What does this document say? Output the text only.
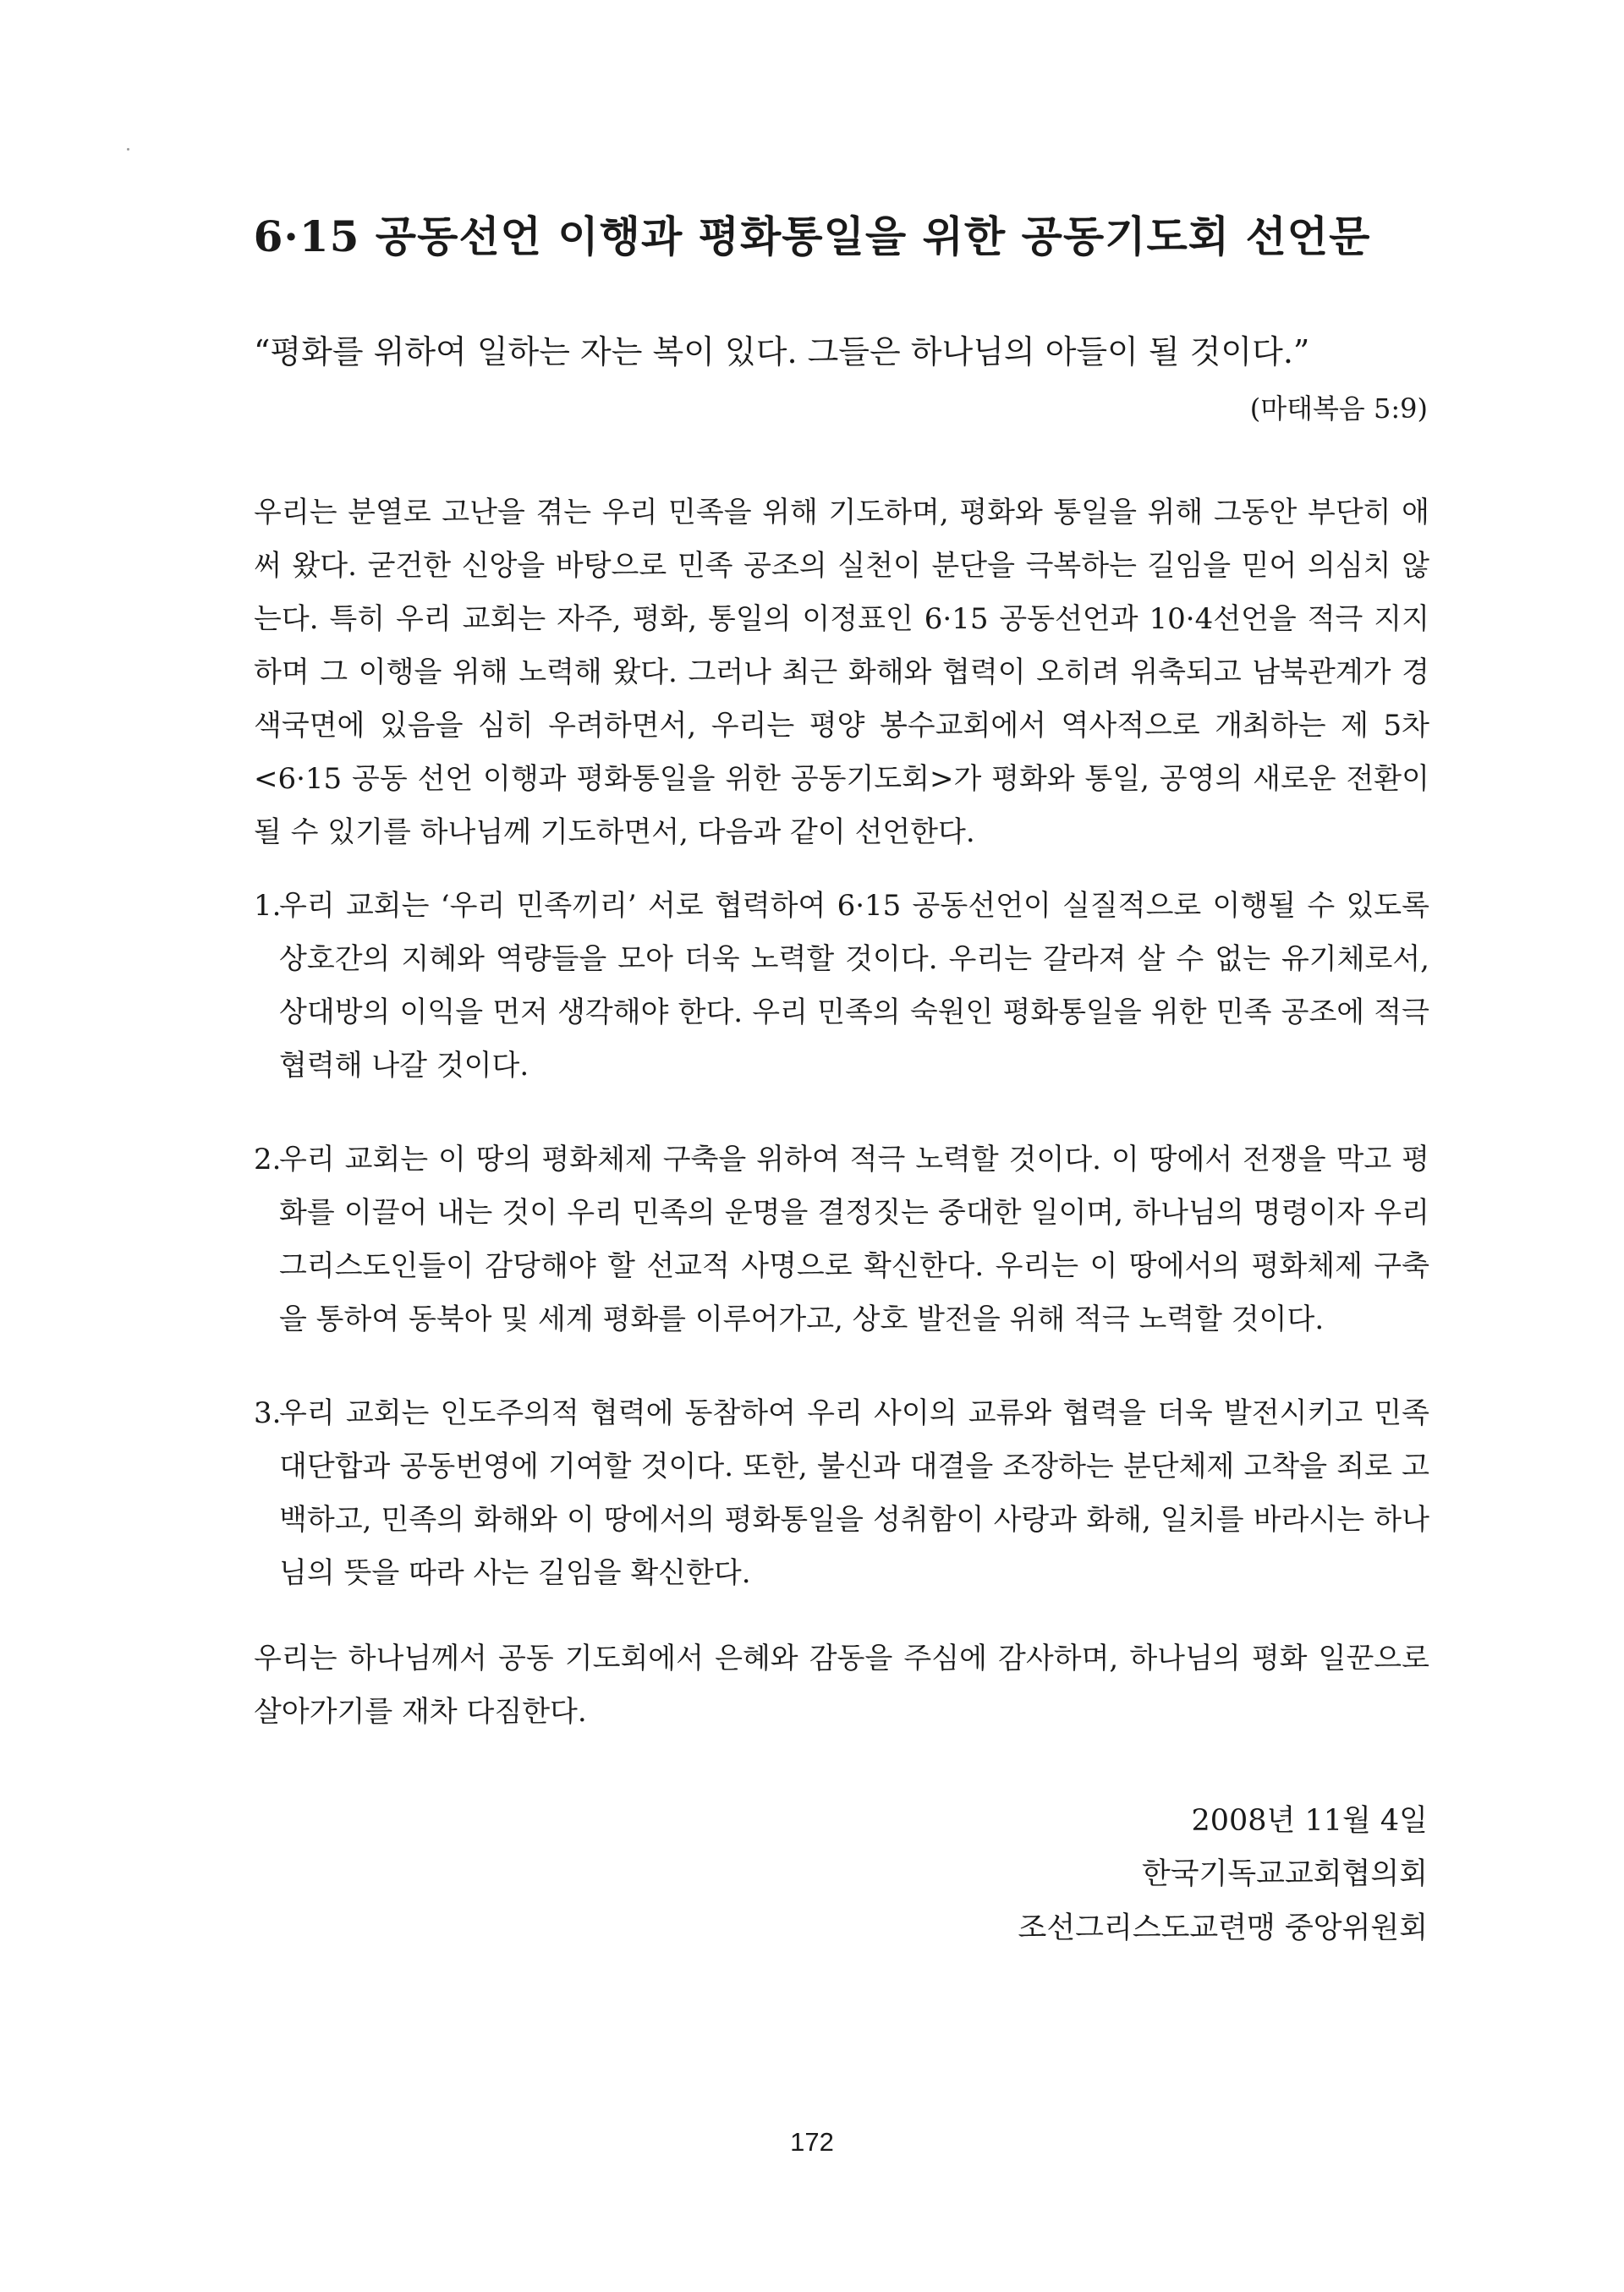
6·15 공동선언 이행과 평화통일을 위한 공동기도회 선언문
“평화를 위하여 일하는 자는 복이 있다. 그들은 하나님의 아들이 될 것이다.”
(마태복음 5:9)
우리는 분열로 고난을 겪는 우리 민족을 위해 기도하며, 평화와 통일을 위해 그동안 부단히 애써 왔다. 굳건한 신앙을 바탕으로 민족 공조의 실천이 분단을 극복하는 길임을 믿어 의심치 않는다. 특히 우리 교회는 자주, 평화, 통일의 이정표인 6·15 공동선언과 10·4선언을 적극 지지하며 그 이행을 위해 노력해 왔다. 그러나 최근 화해와 협력이 오히려 위축되고 남북관계가 경색국면에 있음을 심히 우려하면서, 우리는 평양 봉수교회에서 역사적으로 개최하는 제 5차 <6·15 공동 선언 이행과 평화통일을 위한 공동기도회>가 평화와 통일, 공영의 새로운 전환이 될 수 있기를 하나님께 기도하면서, 다음과 같이 선언한다.
1.
우리 교회는 ‘우리 민족끼리’ 서로 협력하여 6·15 공동선언이 실질적으로 이행될 수 있도록 상호간의 지혜와 역량들을 모아 더욱 노력할 것이다. 우리는 갈라져 살 수 없는 유기체로서, 상대방의 이익을 먼저 생각해야 한다. 우리 민족의 숙원인 평화통일을 위한 민족 공조에 적극 협력해 나갈 것이다.
2.
우리 교회는 이 땅의 평화체제 구축을 위하여 적극 노력할 것이다. 이 땅에서 전쟁을 막고 평화를 이끌어 내는 것이 우리 민족의 운명을 결정짓는 중대한 일이며, 하나님의 명령이자 우리 그리스도인들이 감당해야 할 선교적 사명으로 확신한다. 우리는 이 땅에서의 평화체제 구축을 통하여 동북아 및 세계 평화를 이루어가고, 상호 발전을 위해 적극 노력할 것이다.
3.
우리 교회는 인도주의적 협력에 동참하여 우리 사이의 교류와 협력을 더욱 발전시키고 민족대단합과 공동번영에 기여할 것이다. 또한, 불신과 대결을 조장하는 분단체제 고착을 죄로 고백하고, 민족의 화해와 이 땅에서의 평화통일을 성취함이 사랑과 화해, 일치를 바라시는 하나님의 뜻을 따라 사는 길임을 확신한다.
우리는 하나님께서 공동 기도회에서 은혜와 감동을 주심에 감사하며, 하나님의 평화 일꾼으로 살아가기를 재차 다짐한다.
2008년 11월 4일
한국기독교교회협의회
조선그리스도교련맹 중앙위원회
172
